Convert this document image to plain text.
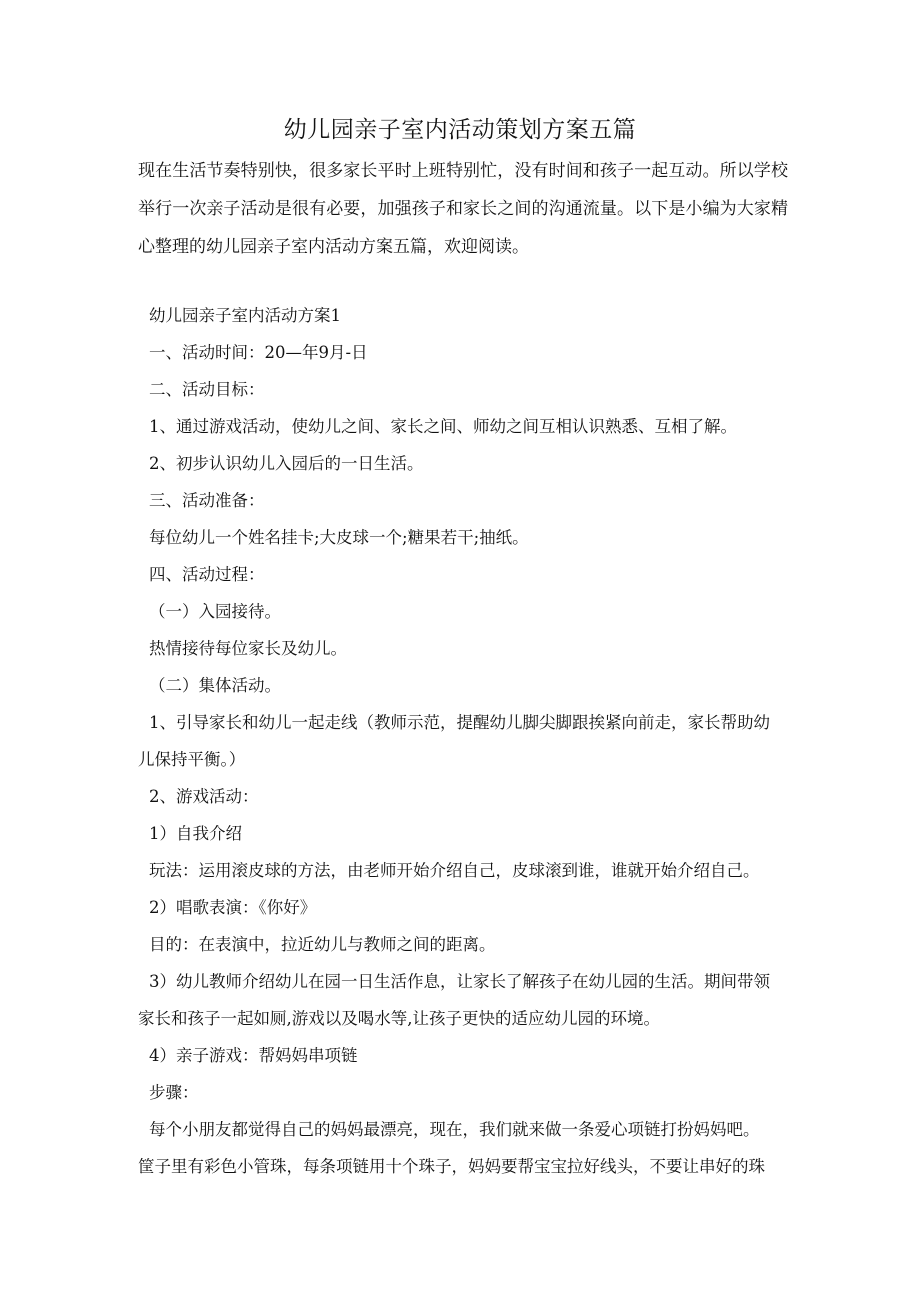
幼儿园亲子室内活动策划方案五篇
现在生活节奏特别快，很多家长平时上班特别忙，没有时间和孩子一起互动。所以学校举行一次亲子活动是很有必要，加强孩子和家长之间的沟通流量。以下是小编为大家精心整理的幼儿园亲子室内活动方案五篇，欢迎阅读。
幼儿园亲子室内活动方案1
一、活动时间：20—年9月-日
二、活动目标：
1、通过游戏活动，使幼儿之间、家长之间、师幼之间互相认识熟悉、互相了解。
2、初步认识幼儿入园后的一日生活。
三、活动准备：
每位幼儿一个姓名挂卡;大皮球一个;糖果若干;抽纸。
四、活动过程：
（一）入园接待。
热情接待每位家长及幼儿。
（二）集体活动。
1、引导家长和幼儿一起走线（教师示范，提醒幼儿脚尖脚跟挨紧向前走，家长帮助幼
儿保持平衡。）
2、游戏活动：
1）自我介绍
玩法：运用滚皮球的方法，由老师开始介绍自己，皮球滚到谁，谁就开始介绍自己。
2）唱歌表演：《你好》
目的：在表演中，拉近幼儿与教师之间的距离。
3）幼儿教师介绍幼儿在园一日生活作息，让家长了解孩子在幼儿园的生活。期间带领
家长和孩子一起如厕,游戏以及喝水等,让孩子更快的适应幼儿园的环境。
4）亲子游戏：帮妈妈串项链
步骤：
每个小朋友都觉得自己的妈妈最漂亮，现在，我们就来做一条爱心项链打扮妈妈吧。
筐子里有彩色小管珠，每条项链用十个珠子，妈妈要帮宝宝拉好线头，不要让串好的珠
